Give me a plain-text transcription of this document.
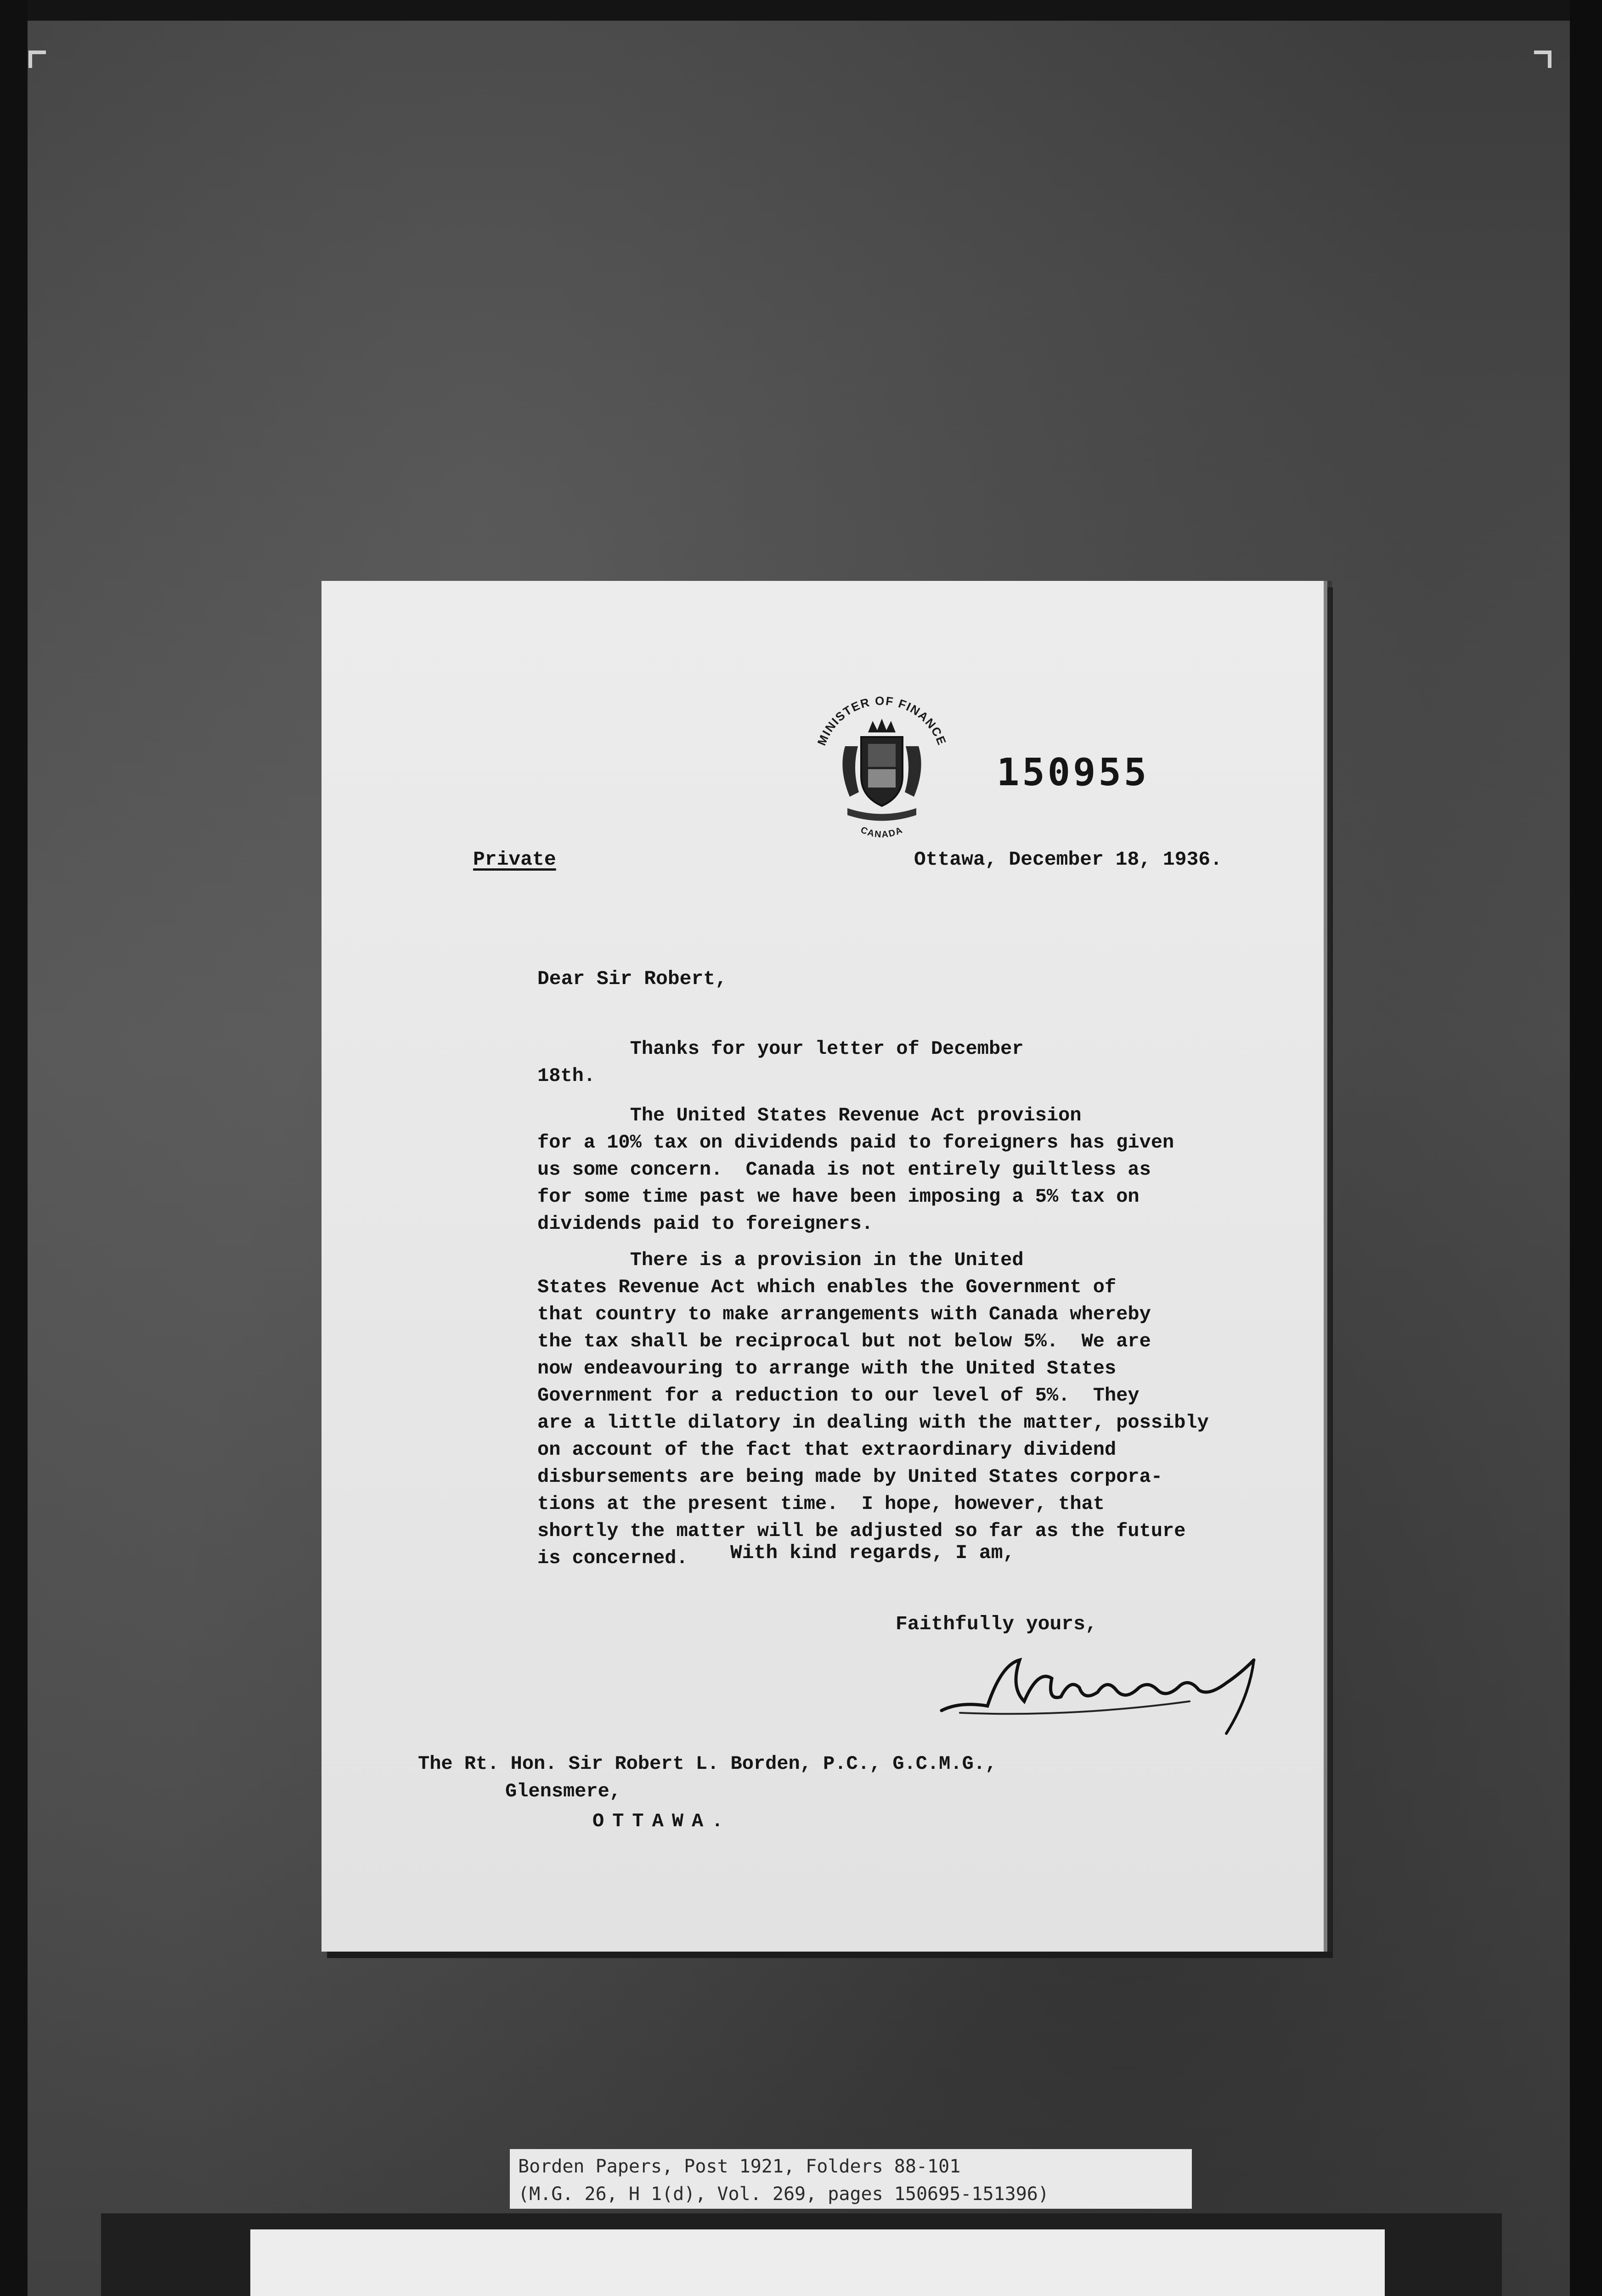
MINISTER OF FINANCE
CANADA
150955
Private	Ottawa, December 18, 1936.
Dear Sir Robert,
Thanks for your letter of December
18th.
The United States Revenue Act provision
for a 10% tax on dividends paid to foreigners has given
us some concern.  Canada is not entirely guiltless as
for some time past we have been imposing a 5% tax on
dividends paid to foreigners.
There is a provision in the United
States Revenue Act which enables the Government of
that country to make arrangements with Canada whereby
the tax shall be reciprocal but not below 5%.  We are
now endeavouring to arrange with the United States
Government for a reduction to our level of 5%.  They
are a little dilatory in dealing with the matter, possibly
on account of the fact that extraordinary dividend
disbursements are being made by United States corpora-
tions at the present time.  I hope, however, that
shortly the matter will be adjusted so far as the future
is concerned.	With kind regards, I am,
Faithfully yours,
The Rt. Hon. Sir Robert L. Borden, P.C., G.C.M.G.,
Glensmere,
OTTAWA.
Borden Papers, Post 1921, Folders 88-101
(M.G. 26, H 1(d), Vol. 269, pages 150695-151396)
